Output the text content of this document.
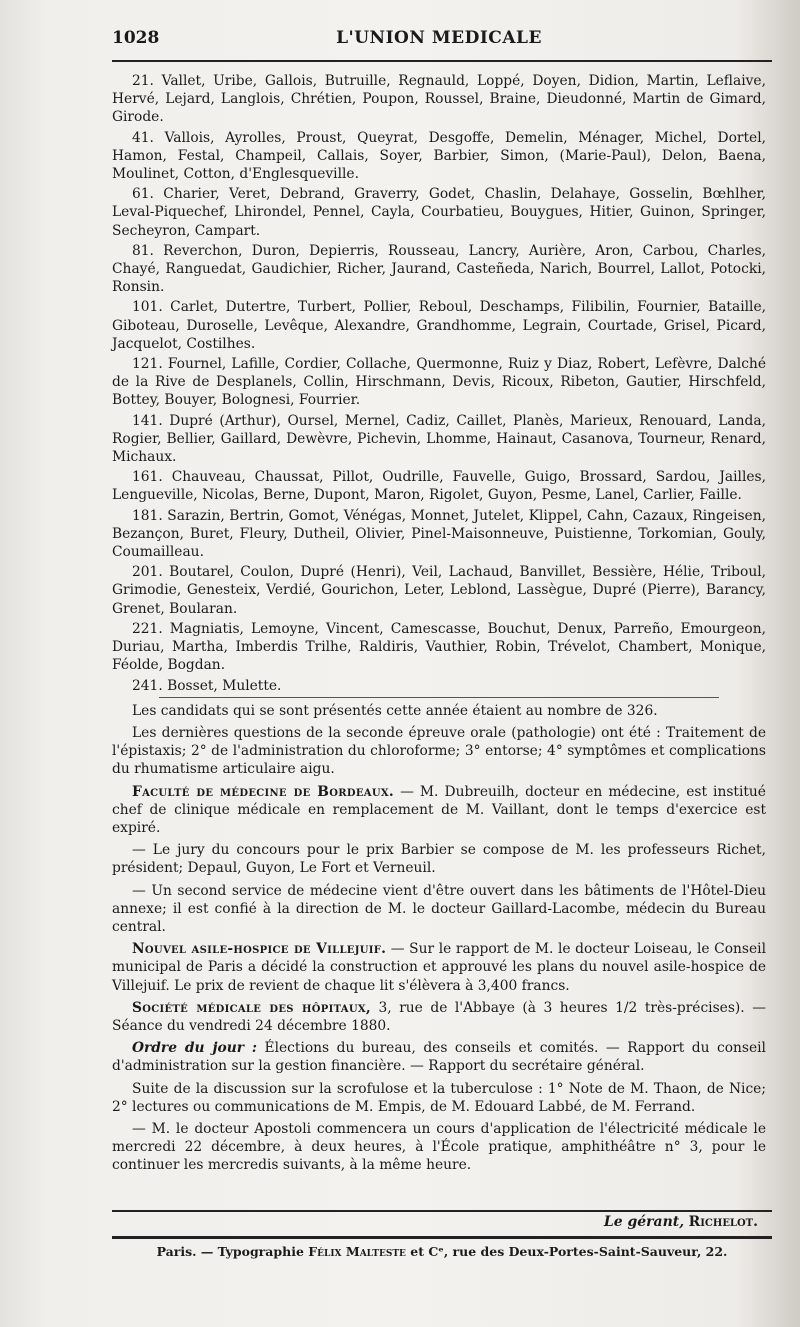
1028	L'UNION MEDICALE

21. Vallet, Uribe, Gallois, Butruille, Regnauld, Loppé, Doyen, Didion, Martin, Leflaive, Hervé, Lejard, Langlois, Chrétien, Poupon, Roussel, Braine, Dieudonné, Martin de Gimard, Girode.

41. Vallois, Ayrolles, Proust, Queyrat, Desgoffe, Demelin, Ménager, Michel, Dortel, Hamon, Festal, Champeil, Callais, Soyer, Barbier, Simon, (Marie-Paul), Delon, Baena, Moulinet, Cotton, d'Englesqueville.

61. Charier, Veret, Debrand, Graverry, Godet, Chaslin, Delahaye, Gosselin, Bœhlher, Leval-Piquechef, Lhirondel, Pennel, Cayla, Courbatieu, Bouygues, Hitier, Guinon, Springer, Secheyron, Campart.

81. Reverchon, Duron, Depierris, Rousseau, Lancry, Aurière, Aron, Carbou, Charles, Chayé, Ranguedat, Gaudichier, Richer, Jaurand, Casteñeda, Narich, Bourrel, Lallot, Potocki, Ronsin.

101. Carlet, Dutertre, Turbert, Pollier, Reboul, Deschamps, Filibilin, Fournier, Bataille, Giboteau, Duroselle, Levêque, Alexandre, Grandhomme, Legrain, Courtade, Grisel, Picard, Jacquelot, Costilhes.

121. Fournel, Lafille, Cordier, Collache, Quermonne, Ruiz y Diaz, Robert, Lefèvre, Dalché de la Rive de Desplanels, Collin, Hirschmann, Devis, Ricoux, Ribeton, Gautier, Hirschfeld, Bottey, Bouyer, Bolognesi, Fourrier.

141. Dupré (Arthur), Oursel, Mernel, Cadiz, Caillet, Planès, Marieux, Renouard, Landa, Rogier, Bellier, Gaillard, Dewèvre, Pichevin, Lhomme, Hainaut, Casanova, Tourneur, Renard, Michaux.

161. Chauveau, Chaussat, Pillot, Oudrille, Fauvelle, Guigo, Brossard, Sardou, Jailles, Lengueville, Nicolas, Berne, Dupont, Maron, Rigolet, Guyon, Pesme, Lanel, Carlier, Faille.

181. Sarazin, Bertrin, Gomot, Vénégas, Monnet, Jutelet, Klippel, Cahn, Cazaux, Ringeisen, Bezançon, Buret, Fleury, Dutheil, Olivier, Pinel-Maisonneuve, Puistienne, Torkomian, Gouly, Coumailleau.

201. Boutarel, Coulon, Dupré (Henri), Veil, Lachaud, Banvillet, Bessière, Hélie, Triboul, Grimodie, Genesteix, Verdié, Gourichon, Leter, Leblond, Lassègue, Dupré (Pierre), Barancy, Grenet, Boularan.

221. Magniatis, Lemoyne, Vincent, Camescasse, Bouchut, Denux, Parreño, Emourgeon, Duriau, Martha, Imberdis Trilhe, Raldiris, Vauthier, Robin, Trévelot, Chambert, Monique, Féolde, Bogdan.

241. Bosset, Mulette.

Les candidats qui se sont présentés cette année étaient au nombre de 326.

Les dernières questions de la seconde épreuve orale (pathologie) ont été : Traitement de l'épistaxis; 2° de l'administration du chloroforme; 3° entorse; 4° symptômes et complications du rhumatisme articulaire aigu.

Faculté de médecine de Bordeaux. — M. Dubreuilh, docteur en médecine, est institué chef de clinique médicale en remplacement de M. Vaillant, dont le temps d'exercice est expiré.

— Le jury du concours pour le prix Barbier se compose de M. les professeurs Richet, président; Depaul, Guyon, Le Fort et Verneuil.

— Un second service de médecine vient d'être ouvert dans les bâtiments de l'Hôtel-Dieu annexe; il est confié à la direction de M. le docteur Gaillard-Lacombe, médecin du Bureau central.

Nouvel asile-hospice de Villejuif. — Sur le rapport de M. le docteur Loiseau, le Conseil municipal de Paris a décidé la construction et approuvé les plans du nouvel asile-hospice de Villejuif. Le prix de revient de chaque lit s'élèvera à 3,400 francs.

Société médicale des hôpitaux, 3, rue de l'Abbaye (à 3 heures 1/2 très-précises). — Séance du vendredi 24 décembre 1880.

Ordre du jour : Élections du bureau, des conseils et comités. — Rapport du conseil d'administration sur la gestion financière. — Rapport du secrétaire général.

Suite de la discussion sur la scrofulose et la tuberculose : 1° Note de M. Thaon, de Nice; 2° lectures ou communications de M. Empis, de M. Edouard Labbé, de M. Ferrand.

— M. le docteur Apostoli commencera un cours d'application de l'électricité médicale le mercredi 22 décembre, à deux heures, à l'École pratique, amphithéâtre n° 3, pour le continuer les mercredis suivants, à la même heure.

Le gérant, Richelot.
Paris. — Typographie Félix Malteste et Cᵉ, rue des Deux-Portes-Saint-Sauveur, 22.
